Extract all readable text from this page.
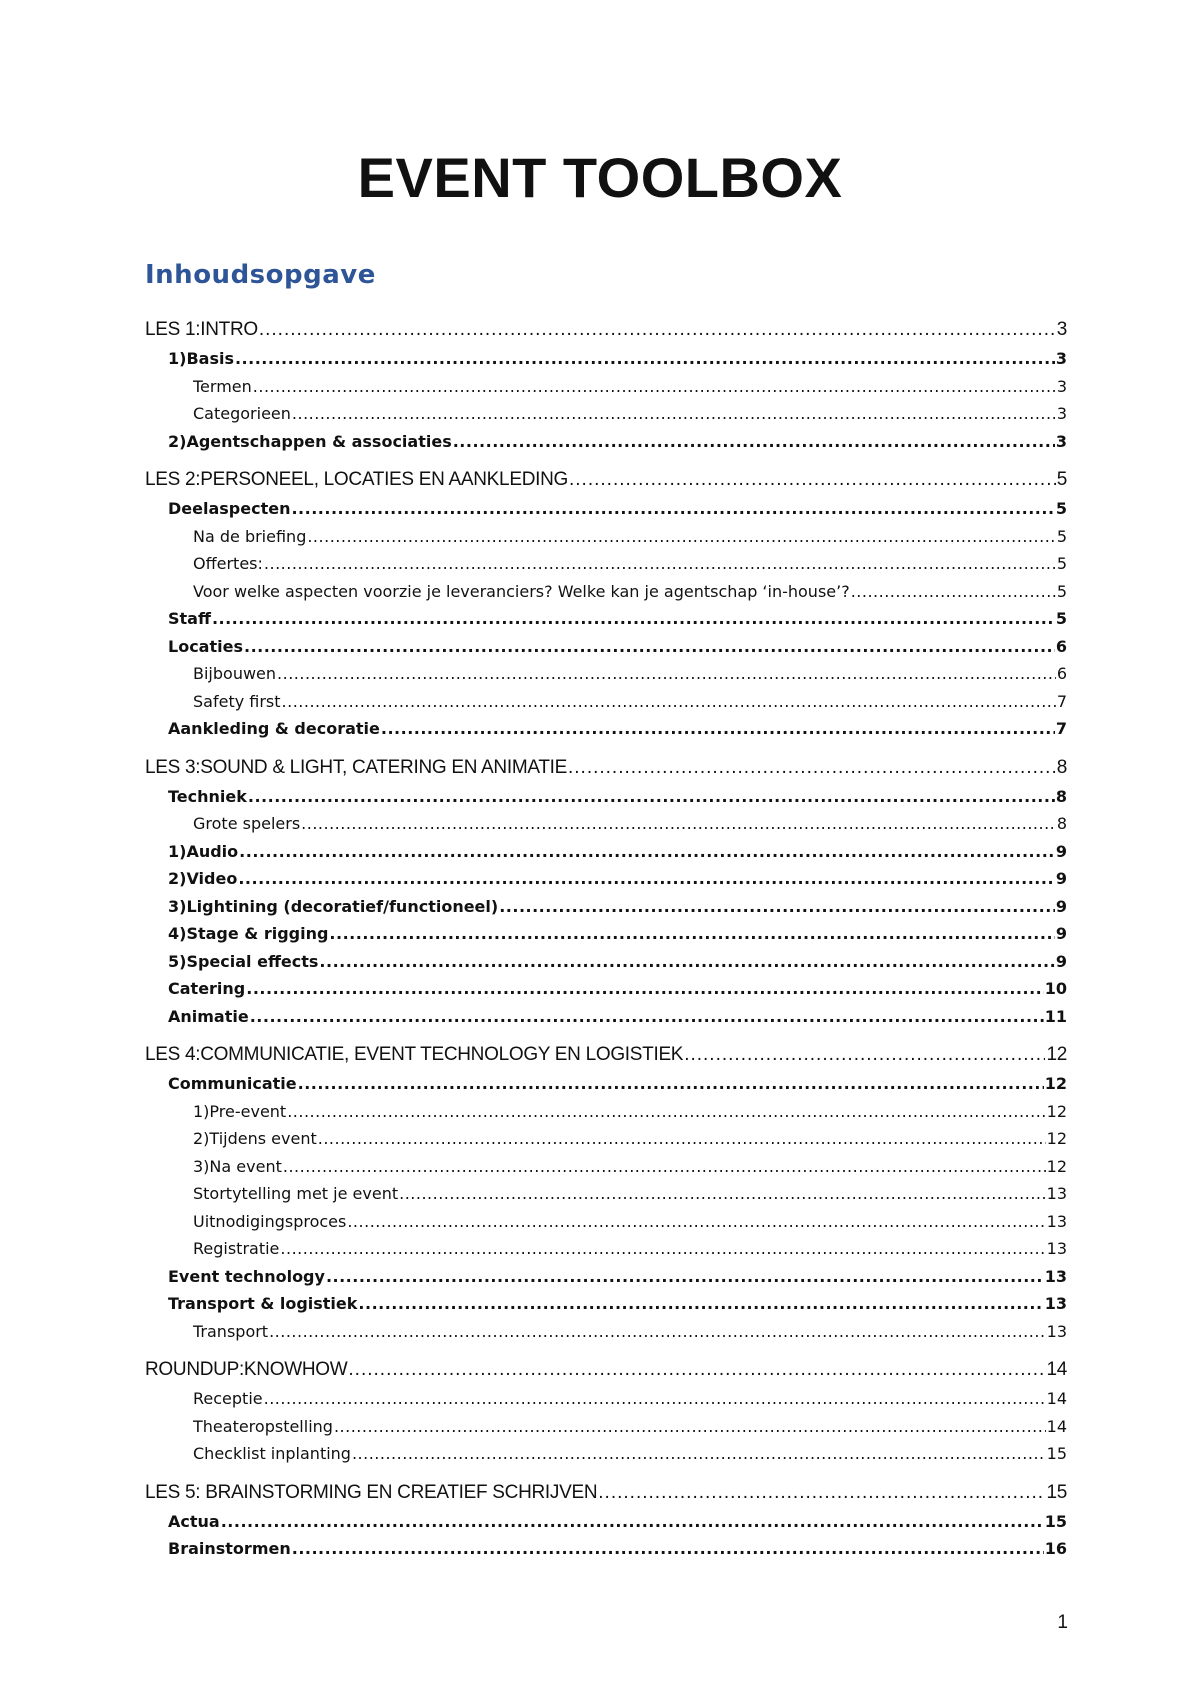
EVENT TOOLBOX
Inhoudsopgave
LES 1:INTRO .....	3
1)Basis .....	3
Termen .....	3
Categorieen .....	3
2)Agentschappen & associaties .....	3
LES 2:PERSONEEL, LOCATIES EN AANKLEDING .....	5
Deelaspecten .....	5
Na de briefing .....	5
Offertes: .....	5
Voor welke aspecten voorzie je leveranciers? Welke kan je agentschap ‘in-house’? .....	5
Staff .....	5
Locaties .....	6
Bijbouwen .....	6
Safety first .....	7
Aankleding & decoratie .....	7
LES 3:SOUND & LIGHT, CATERING EN ANIMATIE .....	8
Techniek .....	8
Grote spelers .....	8
1)Audio .....	9
2)Video .....	9
3)Lightining (decoratief/functioneel) .....	9
4)Stage & rigging .....	9
5)Special effects .....	9
Catering .....	10
Animatie .....	11
LES 4:COMMUNICATIE, EVENT TECHNOLOGY EN LOGISTIEK .....	12
Communicatie .....	12
1)Pre-event .....	12
2)Tijdens event .....	12
3)Na event .....	12
Stortytelling met je event .....	13
Uitnodigingsproces .....	13
Registratie .....	13
Event technology .....	13
Transport & logistiek .....	13
Transport .....	13
ROUNDUP:KNOWHOW .....	14
Receptie .....	14
Theateropstelling .....	14
Checklist inplanting .....	15
LES 5: BRAINSTORMING EN CREATIEF SCHRIJVEN .....	15
Actua .....	15
Brainstormen .....	16
1
